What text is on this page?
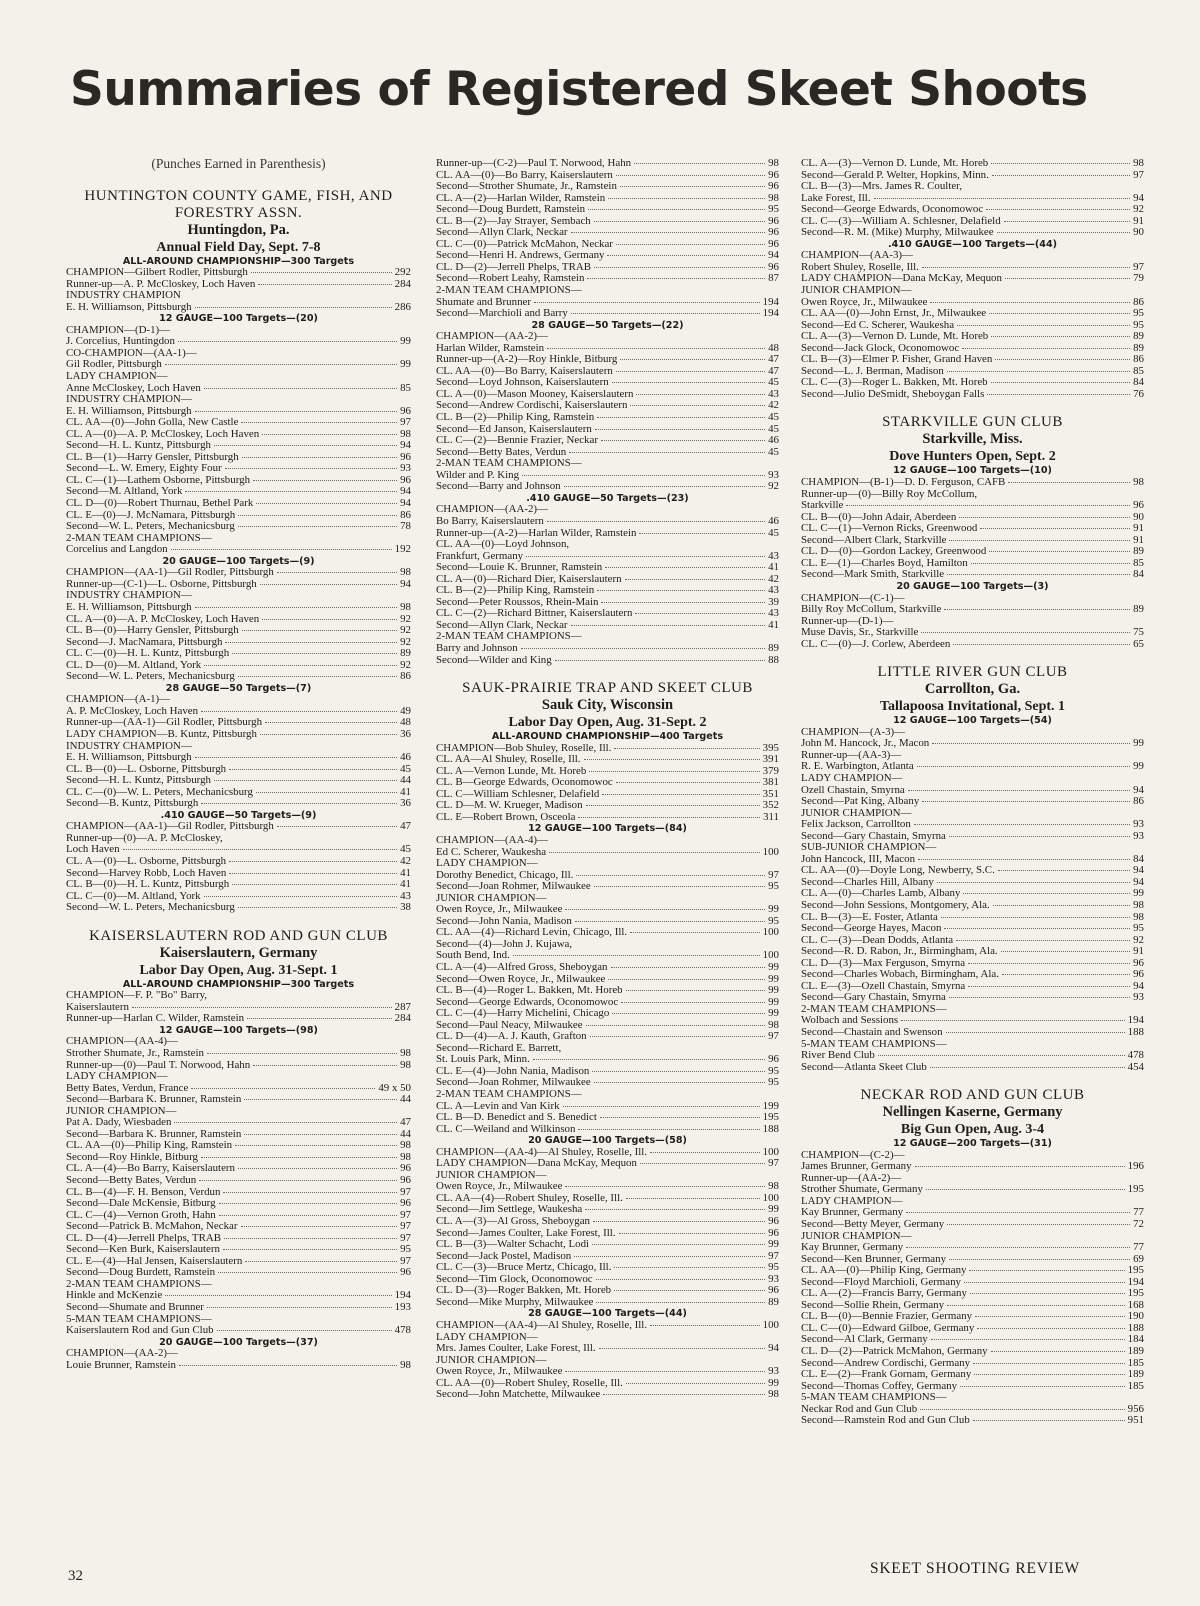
Summaries of Registered Skeet Shoots
(Punches Earned in Parenthesis)
HUNTINGTON COUNTY GAME, FISH, AND FORESTRY ASSN.
Huntingdon, Pa.
Annual Field Day, Sept. 7-8
ALL-AROUND CHAMPIONSHIP—300 Targets
CHAMPION—Gilbert Rodler, Pittsburgh	292
Runner-up—A. P. McCloskey, Loch Haven	284
INDUSTRY CHAMPION
E. H. Williamson, Pittsburgh	286
12 GAUGE—100 Targets—(20)
CHAMPION—(D-1)—
J. Corcelius, Huntingdon	99
CO-CHAMPION—(AA-1)—
Gil Rodler, Pittsburgh	99
LADY CHAMPION—
Anne McCloskey, Loch Haven	85
INDUSTRY CHAMPION—
E. H. Williamson, Pittsburgh	96
CL. AA—(0)—John Golla, New Castle	97
CL. A—(0)—A. P. McCloskey, Loch Haven	98
Second—H. L. Kuntz, Pittsburgh	94
CL. B—(1)—Harry Gensler, Pittsburgh	96
Second—L. W. Emery, Eighty Four	93
CL. C—(1)—Lathem Osborne, Pittsburgh	96
Second—M. Altland, York	94
CL. D—(0)—Robert Thurnau, Bethel Park	94
CL. E—(0)—J. McNamara, Pittsburgh	86
Second—W. L. Peters, Mechanicsburg	78
2-MAN TEAM CHAMPIONS—
Corcelius and Langdon	192
20 GAUGE—100 Targets—(9)
CHAMPION—(AA-1)—Gil Rodler, Pittsburgh	98
Runner-up—(C-1)—L. Osborne, Pittsburgh	94
INDUSTRY CHAMPION—
E. H. Williamson, Pittsburgh	98
CL. A—(0)—A. P. McCloskey, Loch Haven	92
CL. B—(0)—Harry Gensler, Pittsburgh	92
Second—J. MacNamara, Pittsburgh	92
CL. C—(0)—H. L. Kuntz, Pittsburgh	89
CL. D—(0)—M. Altland, York	92
Second—W. L. Peters, Mechanicsburg	86
28 GAUGE—50 Targets—(7)
CHAMPION—(A-1)—
A. P. McCloskey, Loch Haven	49
Runner-up—(AA-1)—Gil Rodler, Pittsburgh	48
LADY CHAMPION—B. Kuntz, Pittsburgh	36
INDUSTRY CHAMPION—
E. H. Williamson, Pittsburgh	46
CL. B—(0)—L. Osborne, Pittsburgh	45
Second—H. L. Kuntz, Pittsburgh	44
CL. C—(0)—W. L. Peters, Mechanicsburg	41
Second—B. Kuntz, Pittsburgh	36
.410 GAUGE—50 Targets—(9)
CHAMPION—(AA-1)—Gil Rodler, Pittsburgh	47
Runner-up—(0)—A. P. McCloskey,
Loch Haven	45
CL. A—(0)—L. Osborne, Pittsburgh	42
Second—Harvey Robb, Loch Haven	41
CL. B—(0)—H. L. Kuntz, Pittsburgh	41
CL. C—(0)—M. Altland, York	43
Second—W. L. Peters, Mechanicsburg	38
KAISERSLAUTERN ROD AND GUN CLUB
Kaiserslautern, Germany
Labor Day Open, Aug. 31-Sept. 1
ALL-AROUND CHAMPIONSHIP—300 Targets
CHAMPION—F. P. "Bo" Barry,
Kaiserslautern	287
Runner-up—Harlan C. Wilder, Ramstein	284
12 GAUGE—100 Targets—(98)
CHAMPION—(AA-4)—
Strother Shumate, Jr., Ramstein	98
Runner-up—(0)—Paul T. Norwood, Hahn	98
LADY CHAMPION—
Betty Bates, Verdun, France	49 x 50
Second—Barbara K. Brunner, Ramstein	44
JUNIOR CHAMPION—
Pat A. Dady, Wiesbaden	47
Second—Barbara K. Brunner, Ramstein	44
CL. AA—(0)—Philip King, Ramstein	98
Second—Roy Hinkle, Bitburg	98
CL. A—(4)—Bo Barry, Kaiserslautern	96
Second—Betty Bates, Verdun	96
CL. B—(4)—F. H. Benson, Verdun	97
Second—Dale McKensie, Bitburg	96
CL. C—(4)—Vernon Groth, Hahn	97
Second—Patrick B. McMahon, Neckar	97
CL. D—(4)—Jerrell Phelps, TRAB	97
Second—Ken Burk, Kaiserslautern	95
CL. E—(4)—Hal Jensen, Kaiserslautern	97
Second—Doug Burdett, Ramstein	96
2-MAN TEAM CHAMPIONS—
Hinkle and McKenzie	194
Second—Shumate and Brunner	193
5-MAN TEAM CHAMPIONS—
Kaiserslautern Rod and Gun Club	478
20 GAUGE—100 Targets—(37)
CHAMPION—(AA-2)—
Louie Brunner, Ramstein	98
Runner-up—(C-2)—Paul T. Norwood, Hahn	98
CL. AA—(0)—Bo Barry, Kaiserslautern	96
Second—Strother Shumate, Jr., Ramstein	96
CL. A—(2)—Harlan Wilder, Ramstein	98
Second—Doug Burdett, Ramstein	95
CL. B—(2)—Jay Strayer, Sembach	96
Second—Allyn Clark, Neckar	96
CL. C—(0)—Patrick McMahon, Neckar	96
Second—Henri H. Andrews, Germany	94
CL. D—(2)—Jerrell Phelps, TRAB	96
Second—Robert Leahy, Ramstein	87
2-MAN TEAM CHAMPIONS—
Shumate and Brunner	194
Second—Marchioli and Barry	194
28 GAUGE—50 Targets—(22)
CHAMPION—(AA-2)—
Harlan Wilder, Ramstein	48
Runner-up—(A-2)—Roy Hinkle, Bitburg	47
CL. AA—(0)—Bo Barry, Kaiserslautern	47
Second—Loyd Johnson, Kaiserslautern	45
CL. A—(0)—Mason Mooney, Kaiserslautern	43
Second—Andrew Cordischi, Kaiserslautern	42
CL. B—(2)—Philip King, Ramstein	45
Second—Ed Janson, Kaiserslautern	45
CL. C—(2)—Bennie Frazier, Neckar	46
Second—Betty Bates, Verdun	45
2-MAN TEAM CHAMPIONS—
Wilder and P. King	93
Second—Barry and Johnson	92
.410 GAUGE—50 Targets—(23)
CHAMPION—(AA-2)—
Bo Barry, Kaiserslautern	46
Runner-up—(A-2)—Harlan Wilder, Ramstein	45
CL. AA—(0)—Loyd Johnson,
Frankfurt, Germany	43
Second—Louie K. Brunner, Ramstein	41
CL. A—(0)—Richard Dier, Kaiserslautern	42
CL. B—(2)—Philip King, Ramstein	43
Second—Peter Roussos, Rhein-Main	39
CL. C—(2)—Richard Bittner, Kaiserslautern	43
Second—Allyn Clark, Neckar	41
2-MAN TEAM CHAMPIONS—
Barry and Johnson	89
Second—Wilder and King	88
SAUK-PRAIRIE TRAP AND SKEET CLUB
Sauk City, Wisconsin
Labor Day Open, Aug. 31-Sept. 2
ALL-AROUND CHAMPIONSHIP—400 Targets
CHAMPION—Bob Shuley, Roselle, Ill.	395
CL. AA—Al Shuley, Roselle, Ill.	391
CL. A—Vernon Lunde, Mt. Horeb	379
CL. B—George Edwards, Oconomowoc	381
CL. C—William Schlesner, Delafield	351
CL. D—M. W. Krueger, Madison	352
CL. E—Robert Brown, Osceola	311
12 GAUGE—100 Targets—(84)
CHAMPION—(AA-4)—
Ed C. Scherer, Waukesha	100
LADY CHAMPION—
Dorothy Benedict, Chicago, Ill.	97
Second—Joan Rohmer, Milwaukee	95
JUNIOR CHAMPION—
Owen Royce, Jr., Milwaukee	99
Second—John Nania, Madison	95
CL. AA—(4)—Richard Levin, Chicago, Ill.	100
Second—(4)—John J. Kujawa,
South Bend, Ind.	100
CL. A—(4)—Alfred Gross, Sheboygan	99
Second—Owen Royce, Jr., Milwaukee	99
CL. B—(4)—Roger L. Bakken, Mt. Horeb	99
Second—George Edwards, Oconomowoc	99
CL. C—(4)—Harry Michelini, Chicago	99
Second—Paul Neacy, Milwaukee	98
CL. D—(4)—A. J. Kauth, Grafton	97
Second—Richard E. Barrett,
St. Louis Park, Minn.	96
CL. E—(4)—John Nania, Madison	95
Second—Joan Rohmer, Milwaukee	95
2-MAN TEAM CHAMPIONS—
CL. A—Levin and Van Kirk	199
CL. B—D. Benedict and S. Benedict	195
CL. C—Weiland and Wilkinson	188
20 GAUGE—100 Targets—(58)
CHAMPION—(AA-4)—Al Shuley, Roselle, Ill.	100
LADY CHAMPION—Dana McKay, Mequon	97
JUNIOR CHAMPION—
Owen Royce, Jr., Milwaukee	98
CL. AA—(4)—Robert Shuley, Roselle, Ill.	100
Second—Jim Settlege, Waukesha	99
CL. A—(3)—Al Gross, Sheboygan	96
Second—James Coulter, Lake Forest, Ill.	96
CL. B—(3)—Walter Schacht, Lodi	99
Second—Jack Postel, Madison	97
CL. C—(3)—Bruce Mertz, Chicago, Ill.	95
Second—Tim Glock, Oconomowoc	93
CL. D—(3)—Roger Bakken, Mt. Horeb	96
Second—Mike Murphy, Milwaukee	89
28 GAUGE—100 Targets—(44)
CHAMPION—(AA-4)—Al Shuley, Roselle, Ill.	100
LADY CHAMPION—
Mrs. James Coulter, Lake Forest, Ill.	94
JUNIOR CHAMPION—
Owen Royce, Jr., Milwaukee	93
CL. AA—(0)—Robert Shuley, Roselle, Ill.	99
Second—John Matchette, Milwaukee	98
CL. A—(3)—Vernon D. Lunde, Mt. Horeb	98
Second—Gerald P. Welter, Hopkins, Minn.	97
CL. B—(3)—Mrs. James R. Coulter,
Lake Forest, Ill.	94
Second—George Edwards, Oconomowoc	92
CL. C—(3)—William A. Schlesner, Delafield	91
Second—R. M. (Mike) Murphy, Milwaukee	90
.410 GAUGE—100 Targets—(44)
CHAMPION—(AA-3)—
Robert Shuley, Roselle, Ill.	97
LADY CHAMPION—Dana McKay, Mequon	79
JUNIOR CHAMPION—
Owen Royce, Jr., Milwaukee	86
CL. AA—(0)—John Ernst, Jr., Milwaukee	95
Second—Ed C. Scherer, Waukesha	95
CL. A—(3)—Vernon D. Lunde, Mt. Horeb	89
Second—Jack Glock, Oconomowoc	89
CL. B—(3)—Elmer P. Fisher, Grand Haven	86
Second—L. J. Berman, Madison	85
CL. C—(3)—Roger L. Bakken, Mt. Horeb	84
Second—Julio DeSmidt, Sheboygan Falls	76
STARKVILLE GUN CLUB
Starkville, Miss.
Dove Hunters Open, Sept. 2
12 GAUGE—100 Targets—(10)
CHAMPION—(B-1)—D. D. Ferguson, CAFB	98
Runner-up—(0)—Billy Roy McCollum,
Starkville	96
CL. B—(0)—John Adair, Aberdeen	90
CL. C—(1)—Vernon Ricks, Greenwood	91
Second—Albert Clark, Starkville	91
CL. D—(0)—Gordon Lackey, Greenwood	89
CL. E—(1)—Charles Boyd, Hamilton	85
Second—Mark Smith, Starkville	84
20 GAUGE—100 Targets—(3)
CHAMPION—(C-1)—
Billy Roy McCollum, Starkville	89
Runner-up—(D-1)—
Muse Davis, Sr., Starkville	75
CL. C—(0)—J. Corlew, Aberdeen	65
LITTLE RIVER GUN CLUB
Carrollton, Ga.
Tallapoosa Invitational, Sept. 1
12 GAUGE—100 Targets—(54)
CHAMPION—(A-3)—
John M. Hancock, Jr., Macon	99
Runner-up—(AA-3)—
R. E. Warbington, Atlanta	99
LADY CHAMPION—
Ozell Chastain, Smyrna	94
Second—Pat King, Albany	86
JUNIOR CHAMPION—
Felix Jackson, Carrollton	93
Second—Gary Chastain, Smyrna	93
SUB-JUNIOR CHAMPION—
John Hancock, III, Macon	84
CL. AA—(0)—Doyle Long, Newberry, S.C.	94
Second—Charles Hill, Albany	94
CL. A—(0)—Charles Lamb, Albany	99
Second—John Sessions, Montgomery, Ala.	98
CL. B—(3)—E. Foster, Atlanta	98
Second—George Hayes, Macon	95
CL. C—(3)—Dean Dodds, Atlanta	92
Second—R. D. Rabon, Jr., Birmingham, Ala.	91
CL. D—(3)—Max Ferguson, Smyrna	96
Second—Charles Wobach, Birmingham, Ala.	96
CL. E—(3)—Ozell Chastain, Smyrna	94
Second—Gary Chastain, Smyrna	93
2-MAN TEAM CHAMPIONS—
Wolbach and Sessions	194
Second—Chastain and Swenson	188
5-MAN TEAM CHAMPIONS—
River Bend Club	478
Second—Atlanta Skeet Club	454
NECKAR ROD AND GUN CLUB
Nellingen Kaserne, Germany
Big Gun Open, Aug. 3-4
12 GAUGE—200 Targets—(31)
CHAMPION—(C-2)—
James Brunner, Germany	196
Runner-up—(AA-2)—
Strother Shumate, Germany	195
LADY CHAMPION—
Kay Brunner, Germany	77
Second—Betty Meyer, Germany	72
JUNIOR CHAMPION—
Kay Brunner, Germany	77
Second—Ken Brunner, Germany	69
CL. AA—(0)—Philip King, Germany	195
Second—Floyd Marchioli, Germany	194
CL. A—(2)—Francis Barry, Germany	195
Second—Sollie Rhein, Germany	168
CL. B—(0)—Bennie Frazier, Germany	190
CL. C—(0)—Edward Gilboe, Germany	188
Second—Al Clark, Germany	184
CL. D—(2)—Patrick McMahon, Germany	189
Second—Andrew Cordischi, Germany	185
CL. E—(2)—Frank Gornam, Germany	189
Second—Thomas Coffey, Germany	185
5-MAN TEAM CHAMPIONS—
Neckar Rod and Gun Club	956
Second—Ramstein Rod and Gun Club	951
32	SKEET SHOOTING REVIEW
